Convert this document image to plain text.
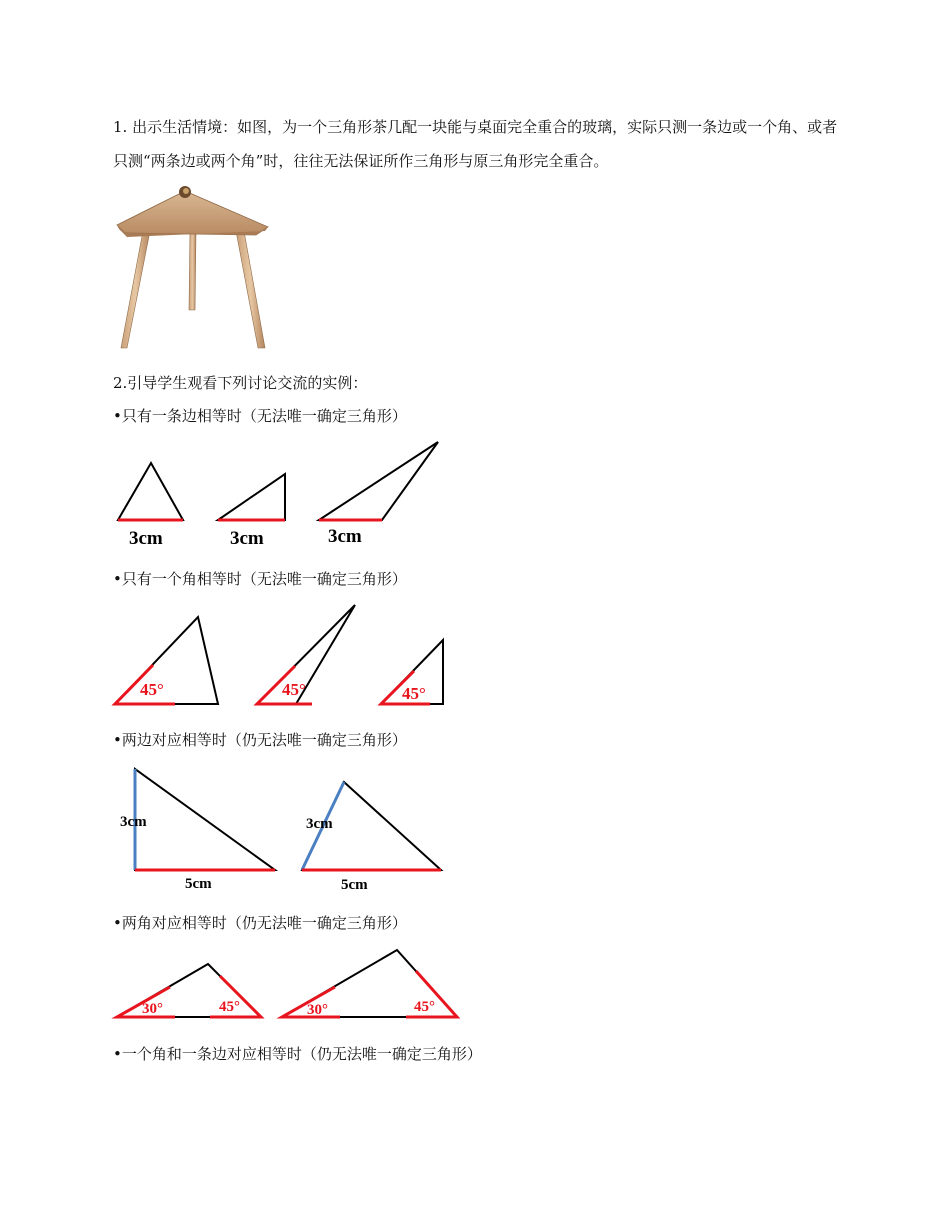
1. 出示生活情境：如图，为一个三角形茶几配一块能与桌面完全重合的玻璃，实际只测一条边或一个角、或者只测“两条边或两个角”时，往往无法保证所作三角形与原三角形完全重合。
2.引导学生观看下列讨论交流的实例：
•只有一条边相等时（无法唯一确定三角形）
3cm	3cm	3cm
•只有一个角相等时（无法唯一确定三角形）
45°	45°	45°
•两边对应相等时（仍无法唯一确定三角形）
3cm
5cm
3cm
5cm
•两角对应相等时（仍无法唯一确定三角形）
30°	45°	30°	45°
•一个角和一条边对应相等时（仍无法唯一确定三角形）
